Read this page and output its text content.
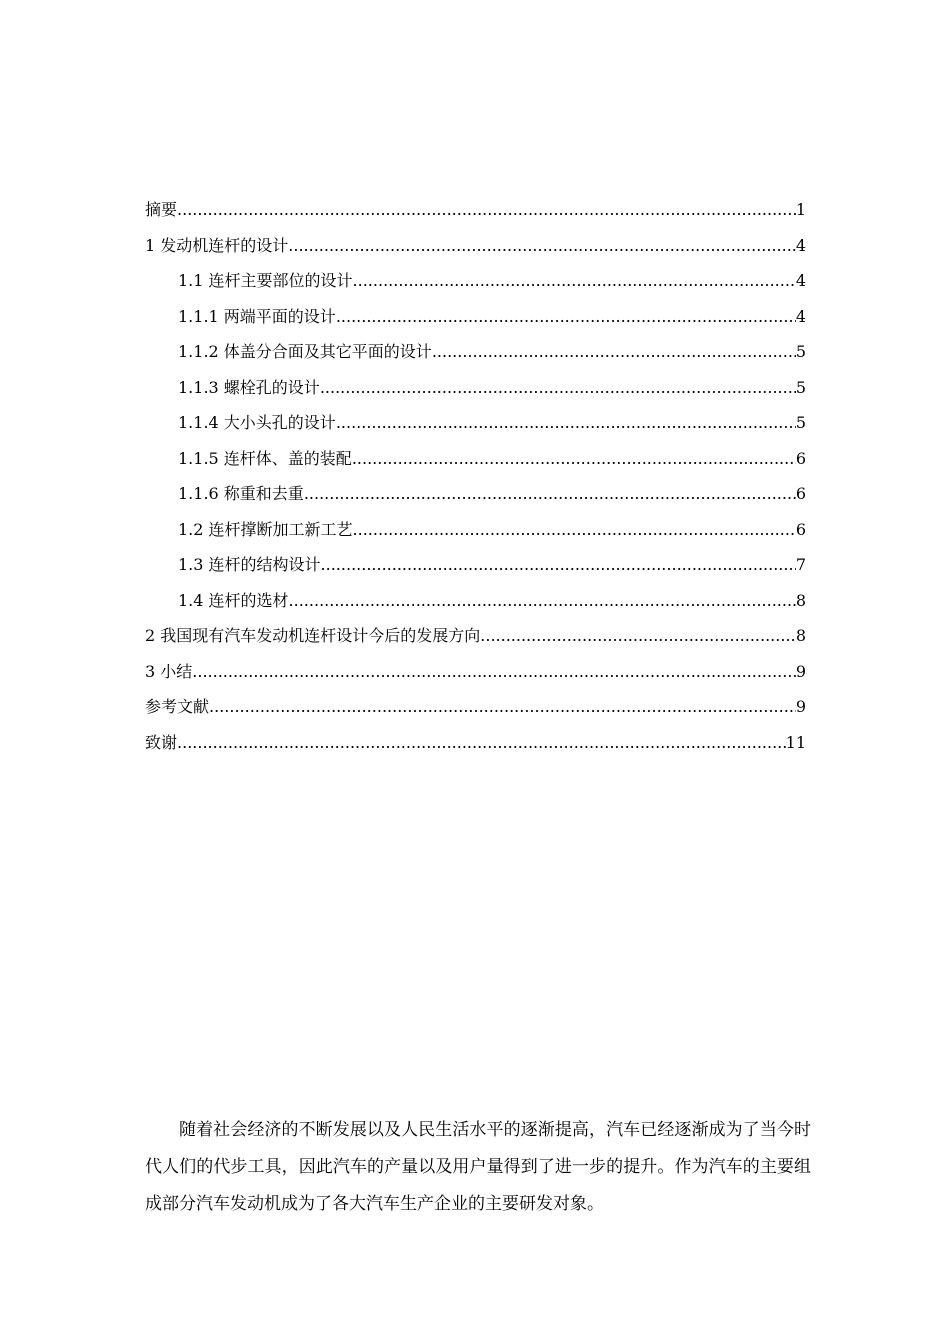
摘要 .....	1
1 发动机连杆的设计 .....	4
1.1 连杆主要部位的设计 .....	4
1.1.1 两端平面的设计 .....	4
1.1.2 体盖分合面及其它平面的设计 .....	5
1.1.3 螺栓孔的设计 .....	5
1.1.4 大小头孔的设计 .....	5
1.1.5 连杆体、盖的装配 .....	6
1.1.6 称重和去重 .....	6
1.2 连杆撑断加工新工艺 .....	6
1.3 连杆的结构设计 .....	7
1.4 连杆的选材 .....	8
2 我国现有汽车发动机连杆设计今后的发展方向 .....	8
3 小结 .....	9
参考文献 .....	9
致谢 .....	11

随着社会经济的不断发展以及人民生活水平的逐渐提高，汽车已经逐渐成为了当今时代人们的代步工具，因此汽车的产量以及用户量得到了进一步的提升。作为汽车的主要组成部分汽车发动机成为了各大汽车生产企业的主要研发对象。
